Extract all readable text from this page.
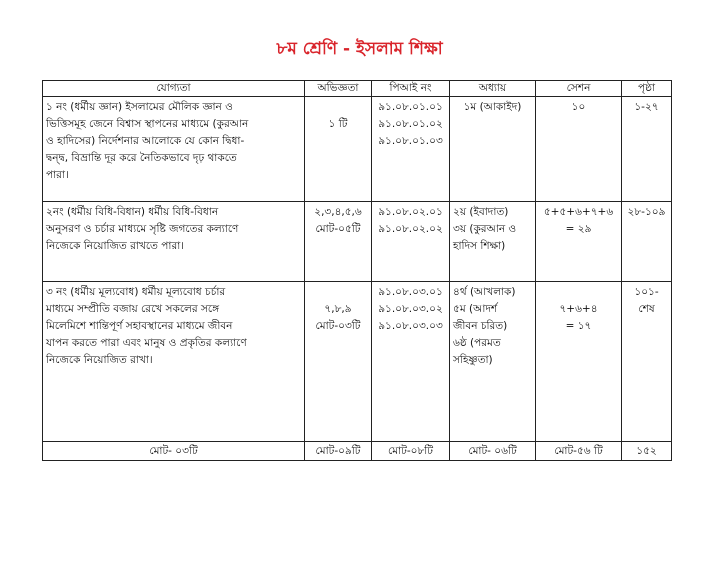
৮ম শ্রেণি - ইসলাম শিক্ষা
যোগ্যতা	অভিজ্ঞতা	পিআই নং	অধ্যায়	সেশন	পৃষ্ঠা

১ নং (ধর্মীয় জ্ঞান) ইসলামের মৌলিক জ্ঞান ও
ভিত্তিসমূহ জেনে বিশ্বাস স্থাপনের মাধ্যমে (কুরআন
ও হাদিসের) নির্দেশনার আলোকে যে কোন দ্বিধা-
দ্বন্দ্ব, বিভ্রান্তি দূর করে নৈতিকভাবে দৃঢ় থাকতে
পারা।	১ টি	৯১.০৮.০১.০১
৯১.০৮.০১.০২
৯১.০৮.০১.০৩	১ম (আকাইদ)	১০	১-২৭

২নং (ধর্মীয় বিধি-বিধান) ধর্মীয় বিধি-বিধান
অনুসরণ ও চর্চার মাধ্যমে সৃষ্টি জগতের কল্যাণে
নিজেকে নিয়োজিত রাখতে পারা।	২,৩,৪,৫,৬
মোট-০৫টি	৯১.০৮.০২.০১
৯১.০৮.০২.০২	২য় (ইবাদাত)
৩য় (কুরআন ও
হাদিস শিক্ষা)	৫+৫+৬+৭+৬
= ২৯	২৮-১০৯

৩ নং (ধর্মীয় মূল্যবোধ) ধর্মীয় মূল্যবোধ চর্চার
মাধ্যমে সম্প্রীতি বজায় রেখে সকলের সঙ্গে
মিলেমিশে শান্তিপূর্ণ সহাবস্থানের মাধ্যমে জীবন
যাপন করতে পারা এবং মানুষ ও প্রকৃতির কল্যাণে
নিজেকে নিয়োজিত রাখা।	৭,৮,৯
মোট-০৩টি	৯১.০৮.০৩.০১
৯১.০৮.০৩.০২
৯১.০৮.০৩.০৩	৪র্থ (আখলাক)
৫ম (আদর্শ
জীবন চরিত)
৬ষ্ঠ (পরমত
সহিষ্ণুতা)	৭+৬+৪
= ১৭	১০১-
শেষ

মোট- ০৩টি	মোট-০৯টি	মোট-০৮টি	মোট- ০৬টি	মোট-৫৬ টি	১৫২
